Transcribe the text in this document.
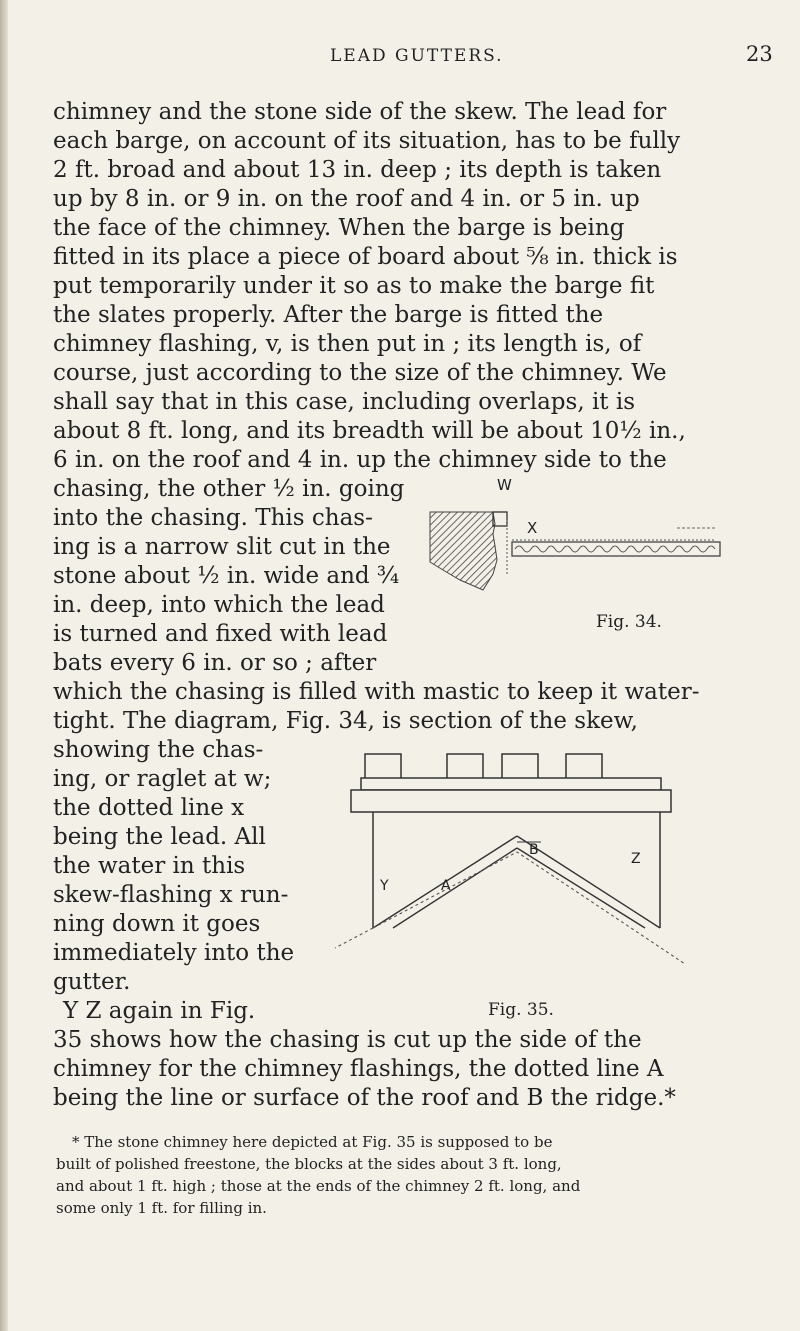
LEAD GUTTERS.	23

chimney and the stone side of the skew. The lead for

each barge, on account of its situation, has to be fully

2 ft. broad and about 13 in. deep ; its depth is taken

up by 8 in. or 9 in. on the roof and 4 in. or 5 in. up

the face of the chimney. When the barge is being

fitted in its place a piece of board about ⅝ in. thick is

put temporarily under it so as to make the barge fit

the slates properly. After the barge is fitted the

chimney flashing, v, is then put in ; its length is, of

course, just according to the size of the chimney. We

shall say that in this case, including overlaps, it is

about 8 ft. long, and its breadth will be about 10½ in.,

6 in. on the roof and 4 in. up the chimney side to the

chasing, the other ½ in. going

into the chasing. This chas-

ing is a narrow slit cut in the

stone about ½ in. wide and ¾

in. deep, into which the lead

is turned and fixed with lead

bats every 6 in. or so ; after

which the chasing is filled with mastic to keep it water-

tight. The diagram, Fig. 34, is section of the skew,

showing the chas-

ing, or raglet at w;

the dotted line x

being the lead. All

the water in this

skew-flashing x run-

ning down it goes

immediately into the

gutter.

Y Z again in Fig.

35 shows how the chasing is cut up the side of the

chimney for the chimney flashings, the dotted line A

being the line or surface of the roof and B the ridge.*

W
X
Fig. 34.
B
Z
Y	A
Fig. 35.

* The stone chimney here depicted at Fig. 35 is supposed to be

built of polished freestone, the blocks at the sides about 3 ft. long,

and about 1 ft. high ; those at the ends of the chimney 2 ft. long, and

some only 1 ft. for filling in.
